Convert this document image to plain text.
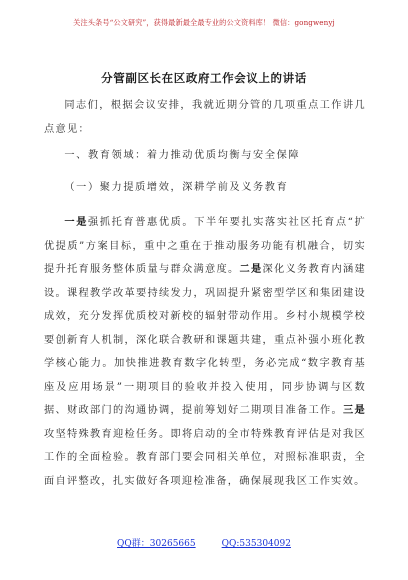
关注头条号“公文研究”，获得最新最全最专业的公文资料库！ 微信：gongwenyj
分管副区长在区政府工作会议上的讲话
同志们，根据会议安排，我就近期分管的几项重点工作讲几点意见：
一、教育领域：着力推动优质均衡与安全保障
（一）聚力提质增效，深耕学前及义务教育
一是强抓托育普惠优质。下半年要扎实落实社区托育点“扩优提质”方案目标，重中之重在于推动服务功能有机融合，切实提升托育服务整体质量与群众满意度。二是深化义务教育内涵建设。课程教学改革要持续发力，巩固提升紧密型学区和集团建设成效，充分发挥优质校对新校的辐射带动作用。乡村小规模学校要创新育人机制，深化联合教研和课题共建，重点补强小班化教学核心能力。加快推进教育数字化转型，务必完成“数字教育基座及应用场景”一期项目的验收并投入使用，同步协调与区数据、财政部门的沟通协调，提前筹划好二期项目准备工作。三是攻坚特殊教育迎检任务。即将启动的全市特殊教育评估是对我区工作的全面检验。教育部门要会同相关单位，对照标准职责，全面自评整改，扎实做好各项迎检准备，确保展现我区工作实效。
QQ群：30265665	QQ:535304092
